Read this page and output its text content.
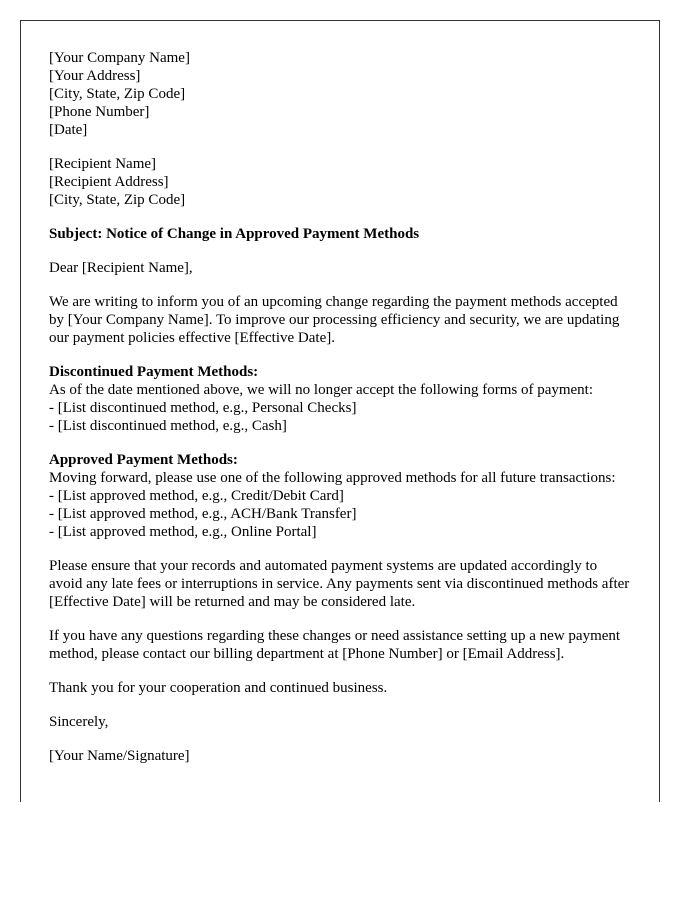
[Your Company Name]
[Your Address]
[City, State, Zip Code]
[Phone Number]
[Date]

[Recipient Name]
[Recipient Address]
[City, State, Zip Code]

Subject: Notice of Change in Approved Payment Methods

Dear [Recipient Name],

We are writing to inform you of an upcoming change regarding the payment methods accepted by [Your Company Name]. To improve our processing efficiency and security, we are updating our payment policies effective [Effective Date].

Discontinued Payment Methods:
As of the date mentioned above, we will no longer accept the following forms of payment:
- [List discontinued method, e.g., Personal Checks]
- [List discontinued method, e.g., Cash]

Approved Payment Methods:
Moving forward, please use one of the following approved methods for all future transactions:
- [List approved method, e.g., Credit/Debit Card]
- [List approved method, e.g., ACH/Bank Transfer]
- [List approved method, e.g., Online Portal]

Please ensure that your records and automated payment systems are updated accordingly to avoid any late fees or interruptions in service. Any payments sent via discontinued methods after [Effective Date] will be returned and may be considered late.

If you have any questions regarding these changes or need assistance setting up a new payment method, please contact our billing department at [Phone Number] or [Email Address].

Thank you for your cooperation and continued business.

Sincerely,

[Your Name/Signature]
